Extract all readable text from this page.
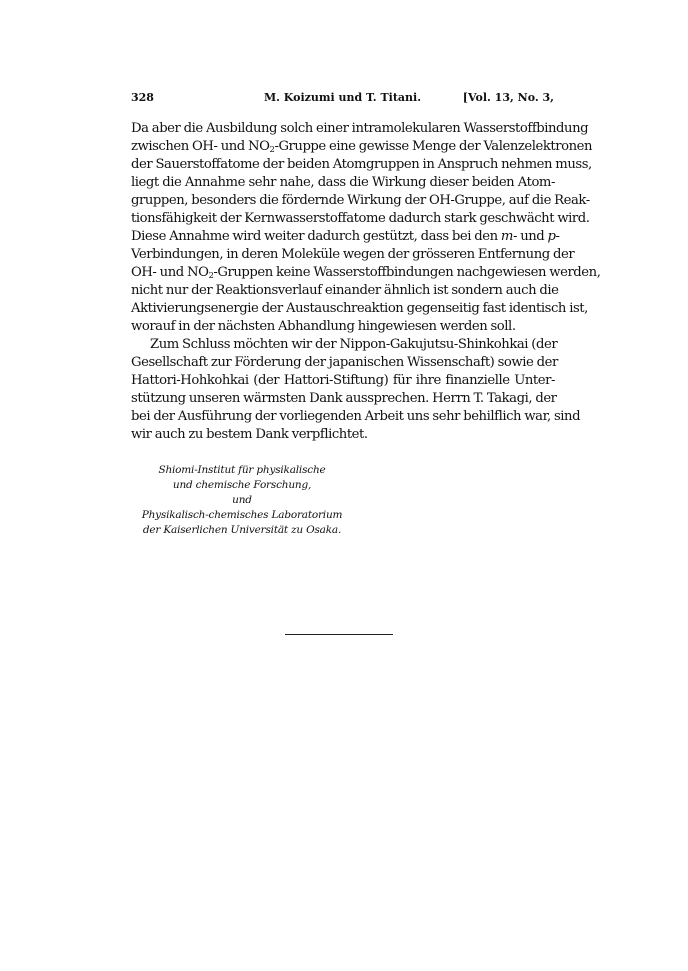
328	M. Koizumi und T. Titani.	[Vol. 13, No. 3,

Da aber die Ausbildung solch einer intramolekularen Wasserstoffbindung
zwischen OH- und $NO_2$-Gruppe eine gewisse Menge der Valenzelektronen
der Sauerstoffatome der beiden Atomgruppen in Anspruch nehmen muss,
liegt die Annahme sehr nahe, dass die Wirkung dieser beiden Atom-
gruppen, besonders die fördernde Wirkung der OH-Gruppe, auf die Reak-
tionsfähigkeit der Kernwasserstoffatome dadurch stark geschwächt wird.
Diese Annahme wird weiter dadurch gestützt, dass bei den m- und p-
Verbindungen, in deren Moleküle wegen der grösseren Entfernung der
OH- und $NO_2$-Gruppen keine Wasserstoffbindungen nachgewiesen werden,
nicht nur der Reaktionsverlauf einander ähnlich ist sondern auch die
Aktivierungsenergie der Austauschreaktion gegenseitig fast identisch ist,
worauf in der nächsten Abhandlung hingewiesen werden soll.

Zum Schluss möchten wir der Nippon-Gakujutsu-Shinkohkai (der
Gesellschaft zur Förderung der japanischen Wissenschaft) sowie der
Hattori-Hohkohkai (der Hattori-Stiftung) für ihre finanzielle Unter-
stützung unseren wärmsten Dank aussprechen. Herrn T. Takagi, der
bei der Ausführung der vorliegenden Arbeit uns sehr behilflich war, sind
wir auch zu bestem Dank verpflichtet.

Shiomi-Institut für physikalische
und chemische Forschung,
und
Physikalisch-chemisches Laboratorium
der Kaiserlichen Universität zu Osaka.
